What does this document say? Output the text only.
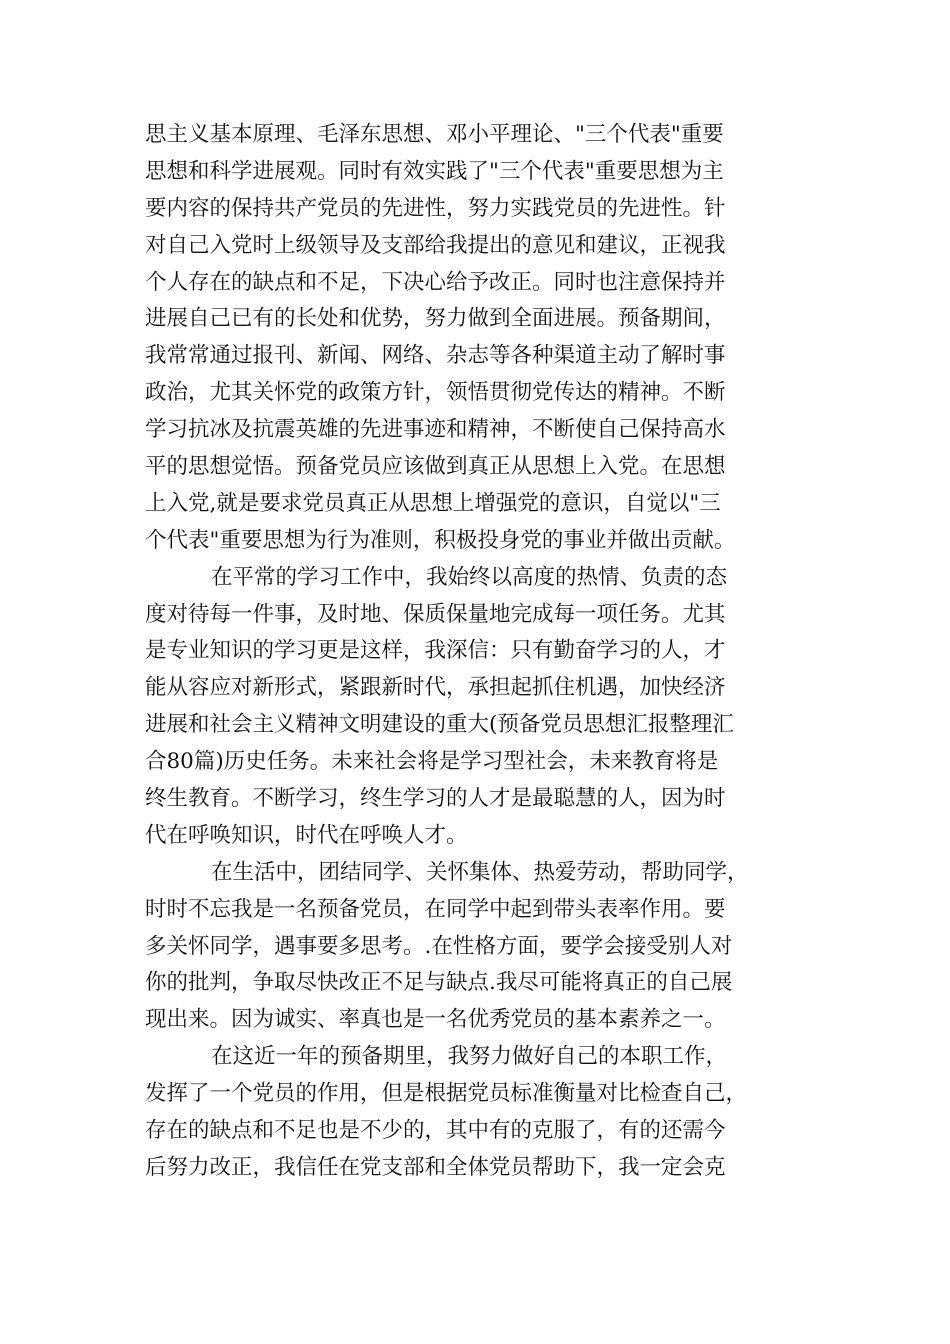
思主义基本原理、毛泽东思想、邓小平理论、"三个代表"重要
思想和科学进展观。同时有效实践了"三个代表"重要思想为主
要内容的保持共产党员的先进性，努力实践党员的先进性。针
对自己入党时上级领导及支部给我提出的意见和建议，正视我
个人存在的缺点和不足，下决心给予改正。同时也注意保持并
进展自己已有的长处和优势，努力做到全面进展。预备期间，
我常常通过报刊、新闻、网络、杂志等各种渠道主动了解时事
政治，尤其关怀党的政策方针，领悟贯彻党传达的精神。不断
学习抗冰及抗震英雄的先进事迹和精神，不断使自己保持高水
平的思想觉悟。预备党员应该做到真正从思想上入党。在思想
上入党,就是要求党员真正从思想上增强党的意识，自觉以"三
个代表"重要思想为行为准则，积极投身党的事业并做出贡献。
在平常的学习工作中，我始终以高度的热情、负责的态
度对待每一件事，及时地、保质保量地完成每一项任务。尤其
是专业知识的学习更是这样，我深信：只有勤奋学习的人，才
能从容应对新形式，紧跟新时代，承担起抓住机遇，加快经济
进展和社会主义精神文明建设的重大(预备党员思想汇报整理汇
合80篇)历史任务。未来社会将是学习型社会，未来教育将是
终生教育。不断学习，终生学习的人才是最聪慧的人，因为时
代在呼唤知识，时代在呼唤人才。
在生活中，团结同学、关怀集体、热爱劳动，帮助同学，
时时不忘我是一名预备党员，在同学中起到带头表率作用。要
多关怀同学，遇事要多思考。.在性格方面，要学会接受别人对
你的批判，争取尽快改正不足与缺点.我尽可能将真正的自己展
现出来。因为诚实、率真也是一名优秀党员的基本素养之一。
在这近一年的预备期里，我努力做好自己的本职工作，
发挥了一个党员的作用，但是根据党员标准衡量对比检查自己，
存在的缺点和不足也是不少的，其中有的克服了，有的还需今
后努力改正，我信任在党支部和全体党员帮助下，我一定会克
